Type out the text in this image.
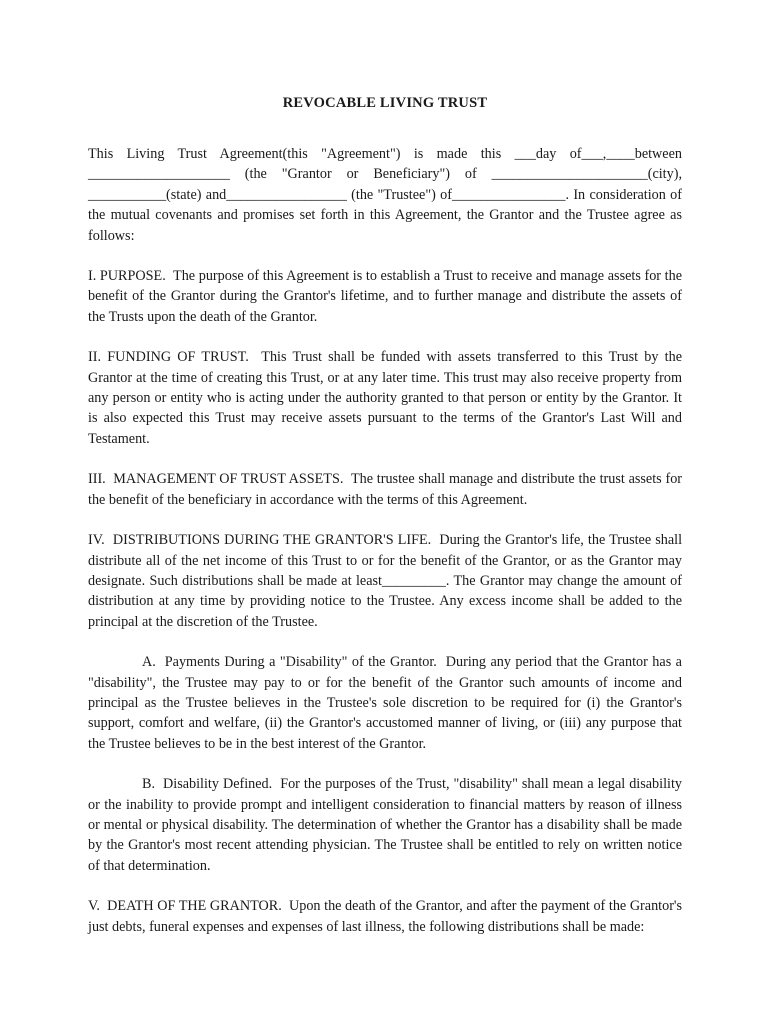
REVOCABLE LIVING TRUST

This Living Trust Agreement(this "Agreement") is made this ___day of___,____between ____________________ (the "Grantor or Beneficiary") of ______________________(city), ___________(state) and_________________ (the "Trustee") of________________. In consideration of the mutual covenants and promises set forth in this Agreement, the Grantor and the Trustee agree as follows:

I. PURPOSE. The purpose of this Agreement is to establish a Trust to receive and manage assets for the benefit of the Grantor during the Grantor's lifetime, and to further manage and distribute the assets of the Trusts upon the death of the Grantor.

II. FUNDING OF TRUST. This Trust shall be funded with assets transferred to this Trust by the Grantor at the time of creating this Trust, or at any later time. This trust may also receive property from any person or entity who is acting under the authority granted to that person or entity by the Grantor. It is also expected this Trust may receive assets pursuant to the terms of the Grantor's Last Will and Testament.

III. MANAGEMENT OF TRUST ASSETS. The trustee shall manage and distribute the trust assets for the benefit of the beneficiary in accordance with the terms of this Agreement.

IV. DISTRIBUTIONS DURING THE GRANTOR'S LIFE. During the Grantor's life, the Trustee shall distribute all of the net income of this Trust to or for the benefit of the Grantor, or as the Grantor may designate. Such distributions shall be made at least_________. The Grantor may change the amount of distribution at any time by providing notice to the Trustee. Any excess income shall be added to the principal at the discretion of the Trustee.

A. Payments During a "Disability" of the Grantor. During any period that the Grantor has a "disability", the Trustee may pay to or for the benefit of the Grantor such amounts of income and principal as the Trustee believes in the Trustee's sole discretion to be required for (i) the Grantor's support, comfort and welfare, (ii) the Grantor's accustomed manner of living, or (iii) any purpose that the Trustee believes to be in the best interest of the Grantor.

B. Disability Defined. For the purposes of the Trust, "disability" shall mean a legal disability or the inability to provide prompt and intelligent consideration to financial matters by reason of illness or mental or physical disability. The determination of whether the Grantor has a disability shall be made by the Grantor's most recent attending physician. The Trustee shall be entitled to rely on written notice of that determination.

V. DEATH OF THE GRANTOR. Upon the death of the Grantor, and after the payment of the Grantor's just debts, funeral expenses and expenses of last illness, the following distributions shall be made:
